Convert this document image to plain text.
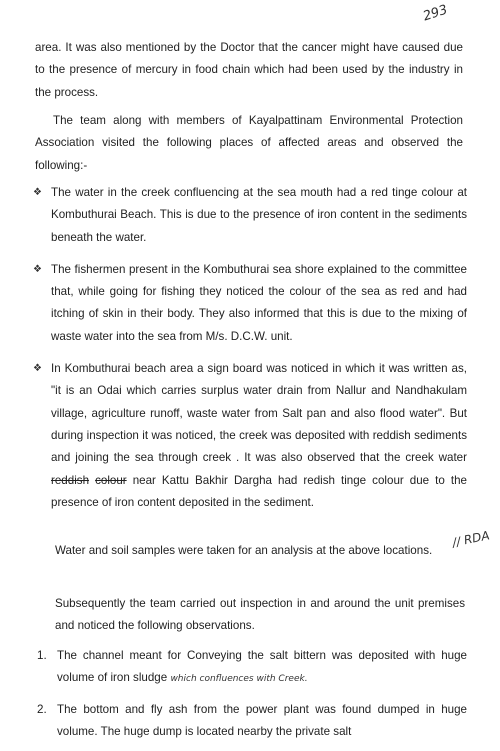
293

area. It was also mentioned by the Doctor that the cancer might have caused due to the presence of mercury in food chain which had been used by the industry in the process.

The team along with members of Kayalpattinam Environmental Protection Association visited the following places of affected areas and observed the following:-

❖ The water in the creek confluencing at the sea mouth had a red tinge colour at Kombuthurai Beach. This is due to the presence of iron content in the sediments beneath the water.
❖ The fishermen present in the Kombuthurai sea shore explained to the committee that, while going for fishing they noticed the colour of the sea as red and had itching of skin in their body. They also informed that this is due to the mixing of waste water into the sea from M/s. D.C.W. unit.
❖ In Kombuthurai beach area a sign board was noticed in which it was written as, "it is an Odai which carries surplus water drain from Nallur and Nandhakulam village, agriculture runoff, waste water from Salt pan and also flood water". But during inspection it was noticed, the creek was deposited with reddish sediments and joining the sea through creek . It was also observed that the creek water reddish colour near Kattu Bakhir Dargha had redish tinge colour due to the presence of iron content deposited in the sediment.
// RDA

Water and soil samples were taken for an analysis at the above locations.

Subsequently the team carried out inspection in and around the unit premises and noticed the following observations.

1. The channel meant for Conveying the salt bittern was deposited with huge volume of iron sludge which confluences with Creek.
2. The bottom and fly ash from the power plant was found dumped in huge volume. The huge dump is located nearby the private salt
